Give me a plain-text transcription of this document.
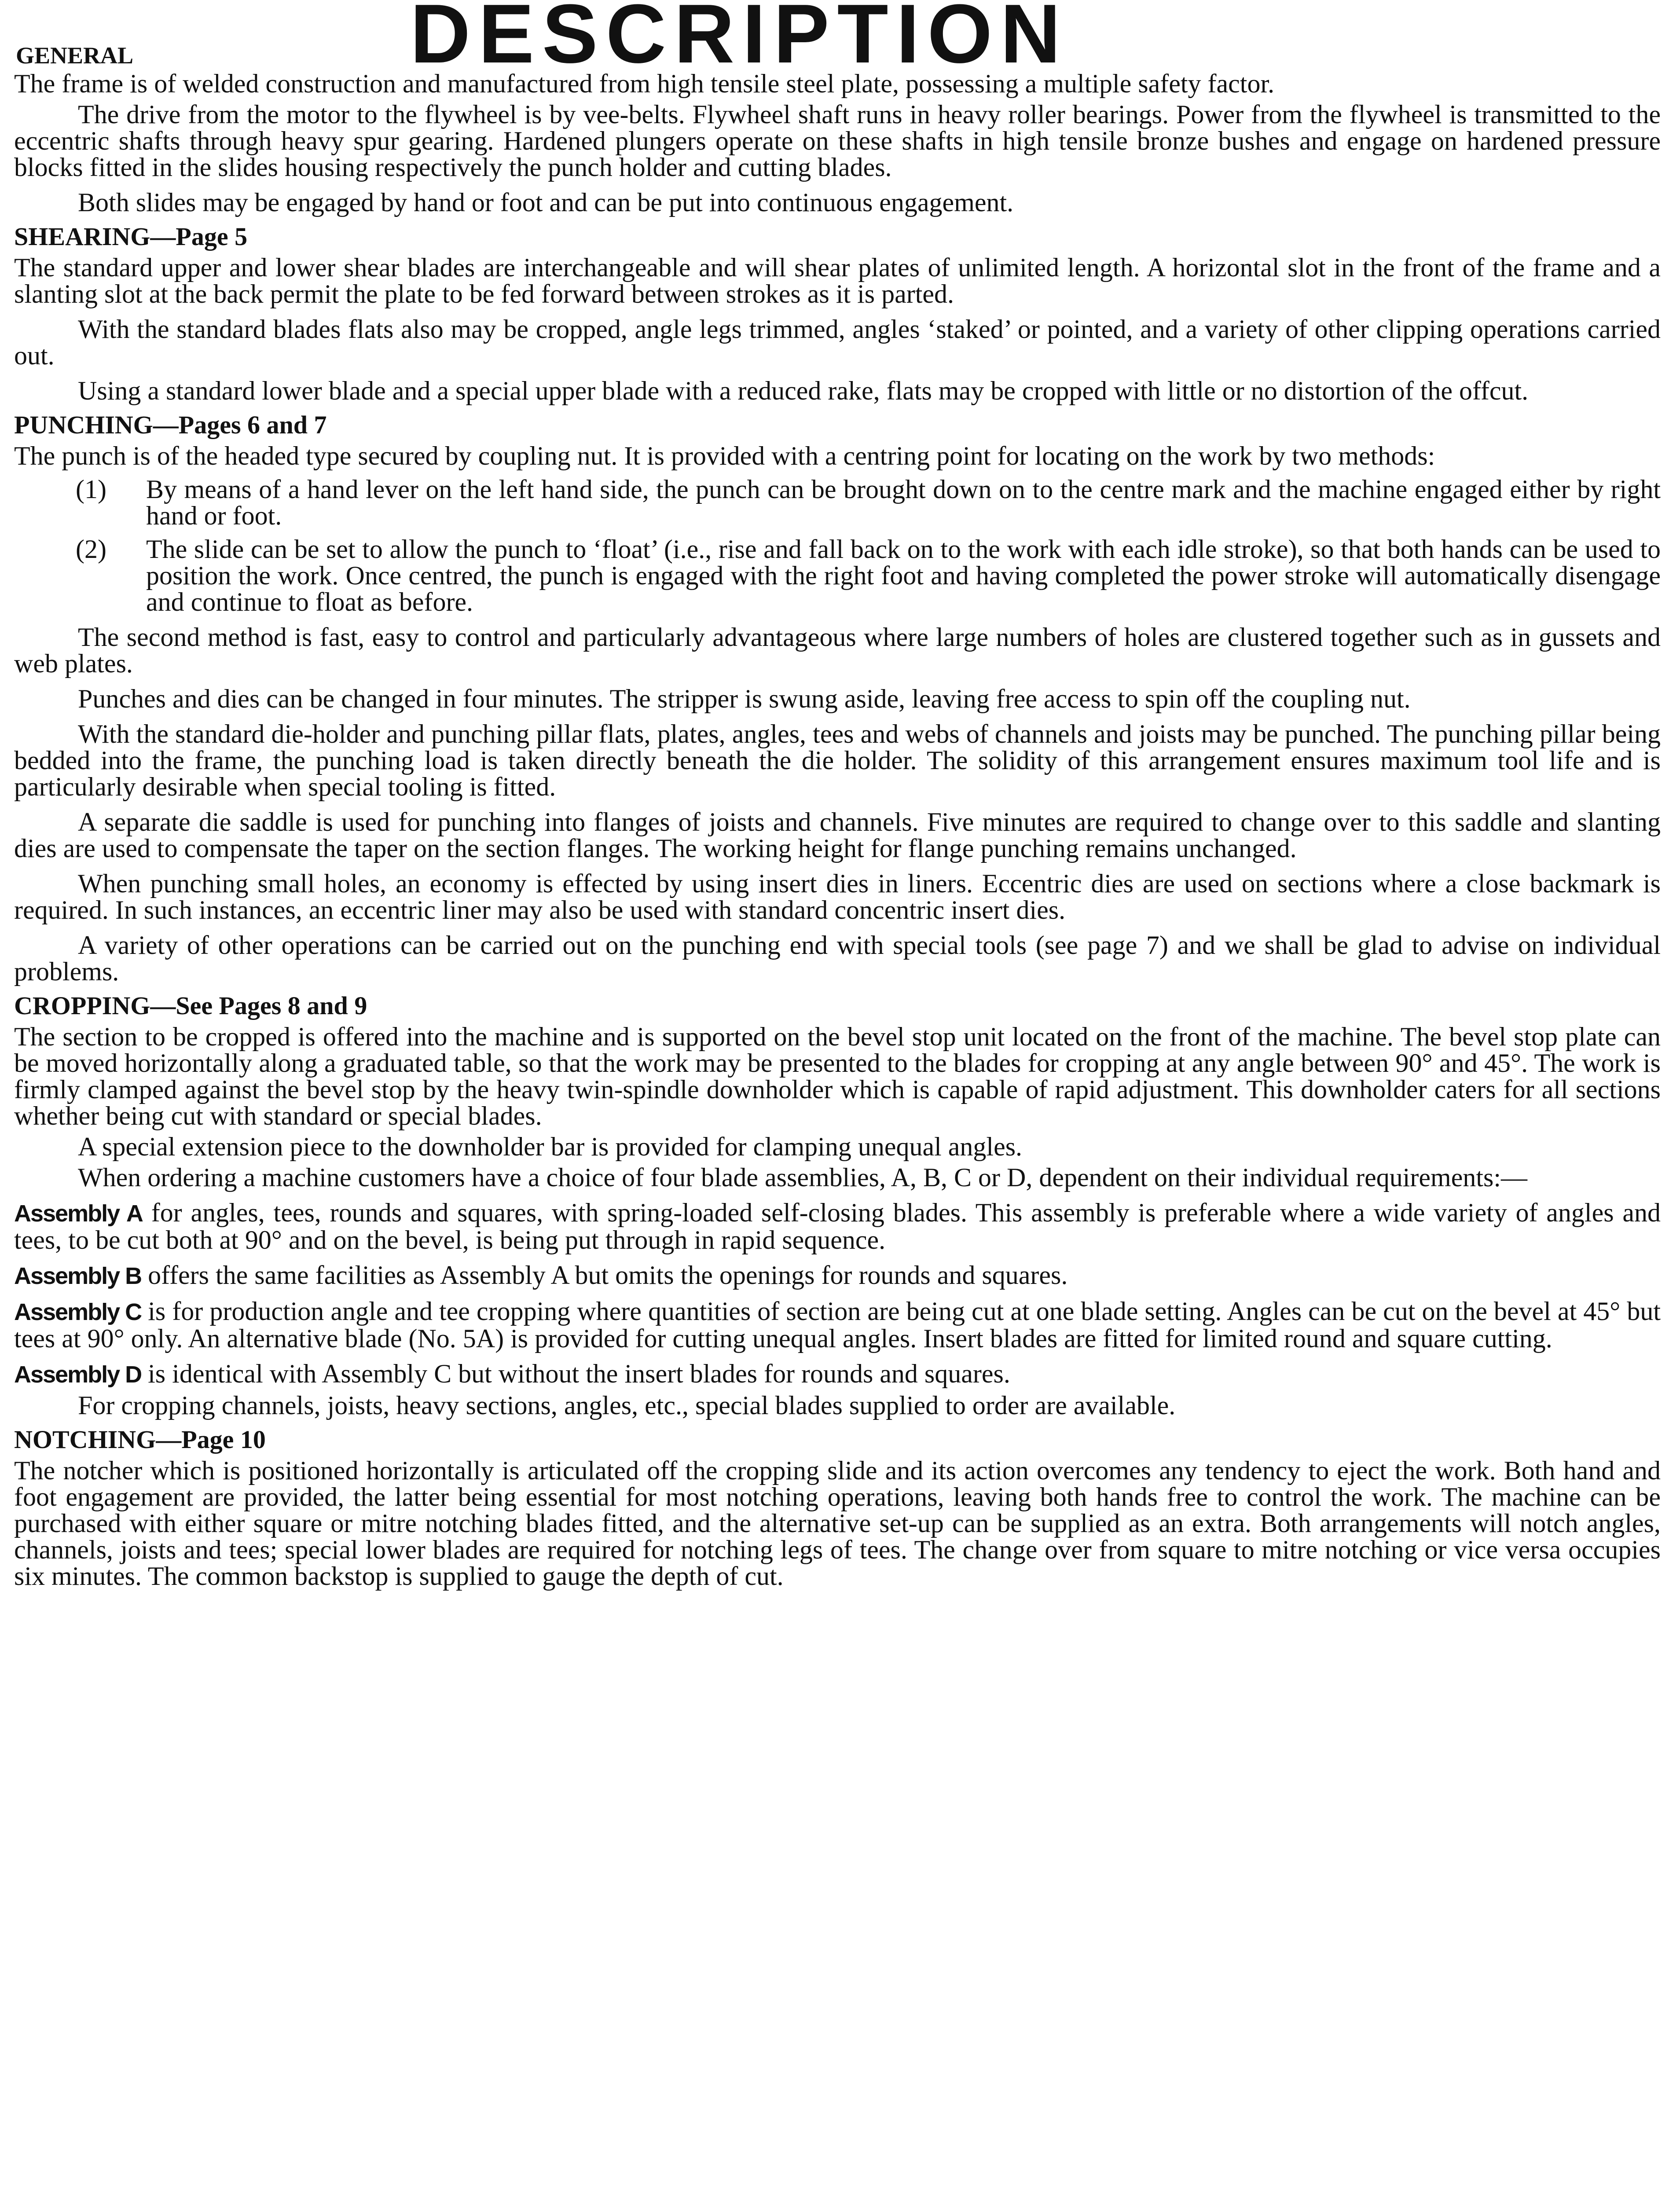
GENERAL	DESCRIPTION

The frame is of welded construction and manufactured from high tensile steel plate, possessing a multiple safety factor.

The drive from the motor to the flywheel is by vee-belts. Flywheel shaft runs in heavy roller bearings. Power from the flywheel is transmitted to the eccentric shafts through heavy spur gearing. Hardened plungers operate on these shafts in high tensile bronze bushes and engage on hardened pressure blocks fitted in the slides housing respectively the punch holder and cutting blades.

Both slides may be engaged by hand or foot and can be put into continuous engagement.

SHEARING—Page 5

The standard upper and lower shear blades are interchangeable and will shear plates of unlimited length. A horizontal slot in the front of the frame and a slanting slot at the back permit the plate to be fed forward between strokes as it is parted.

With the standard blades flats also may be cropped, angle legs trimmed, angles ‘staked’ or pointed, and a variety of other clipping operations carried out.

Using a standard lower blade and a special upper blade with a reduced rake, flats may be cropped with little or no distortion of the offcut.

PUNCHING—Pages 6 and 7

The punch is of the headed type secured by coupling nut. It is provided with a centring point for locating on the work by two methods:

(1)	By means of a hand lever on the left hand side, the punch can be brought down on to the centre mark and the machine engaged either by right hand or foot.
(2)	The slide can be set to allow the punch to ‘float’ (i.e., rise and fall back on to the work with each idle stroke), so that both hands can be used to position the work. Once centred, the punch is engaged with the right foot and having completed the power stroke will automatically disengage and continue to float as before.

The second method is fast, easy to control and particularly advantageous where large numbers of holes are clustered together such as in gussets and web plates.

Punches and dies can be changed in four minutes. The stripper is swung aside, leaving free access to spin off the coupling nut.

With the standard die-holder and punching pillar flats, plates, angles, tees and webs of channels and joists may be punched. The punching pillar being bedded into the frame, the punching load is taken directly beneath the die holder. The solidity of this arrangement ensures maximum tool life and is particularly desirable when special tooling is fitted.

A separate die saddle is used for punching into flanges of joists and channels. Five minutes are required to change over to this saddle and slanting dies are used to compensate the taper on the section flanges. The working height for flange punching remains unchanged.

When punching small holes, an economy is effected by using insert dies in liners. Eccentric dies are used on sections where a close backmark is required. In such instances, an eccentric liner may also be used with standard concentric insert dies.

A variety of other operations can be carried out on the punching end with special tools (see page 7) and we shall be glad to advise on individual problems.

CROPPING—See Pages 8 and 9

The section to be cropped is offered into the machine and is supported on the bevel stop unit located on the front of the machine. The bevel stop plate can be moved horizontally along a graduated table, so that the work may be presented to the blades for cropping at any angle between 90° and 45°. The work is firmly clamped against the bevel stop by the heavy twin-spindle downholder which is capable of rapid adjustment. This downholder caters for all sections whether being cut with standard or special blades.

A special extension piece to the downholder bar is provided for clamping unequal angles.

When ordering a machine customers have a choice of four blade assemblies, A, B, C or D, dependent on their individual requirements:—

Assembly A for angles, tees, rounds and squares, with spring-loaded self-closing blades. This assembly is preferable where a wide variety of angles and tees, to be cut both at 90° and on the bevel, is being put through in rapid sequence.

Assembly B offers the same facilities as Assembly A but omits the openings for rounds and squares.

Assembly C is for production angle and tee cropping where quantities of section are being cut at one blade setting. Angles can be cut on the bevel at 45° but tees at 90° only. An alternative blade (No. 5A) is provided for cutting unequal angles. Insert blades are fitted for limited round and square cutting.

Assembly D is identical with Assembly C but without the insert blades for rounds and squares.

For cropping channels, joists, heavy sections, angles, etc., special blades supplied to order are available.

NOTCHING—Page 10

The notcher which is positioned horizontally is articulated off the cropping slide and its action overcomes any tendency to eject the work. Both hand and foot engagement are provided, the latter being essential for most notching operations, leaving both hands free to control the work. The machine can be purchased with either square or mitre notching blades fitted, and the alternative set-up can be supplied as an extra. Both arrangements will notch angles, channels, joists and tees; special lower blades are required for notching legs of tees. The change over from square to mitre notching or vice versa occupies six minutes. The common backstop is supplied to gauge the depth of cut.
